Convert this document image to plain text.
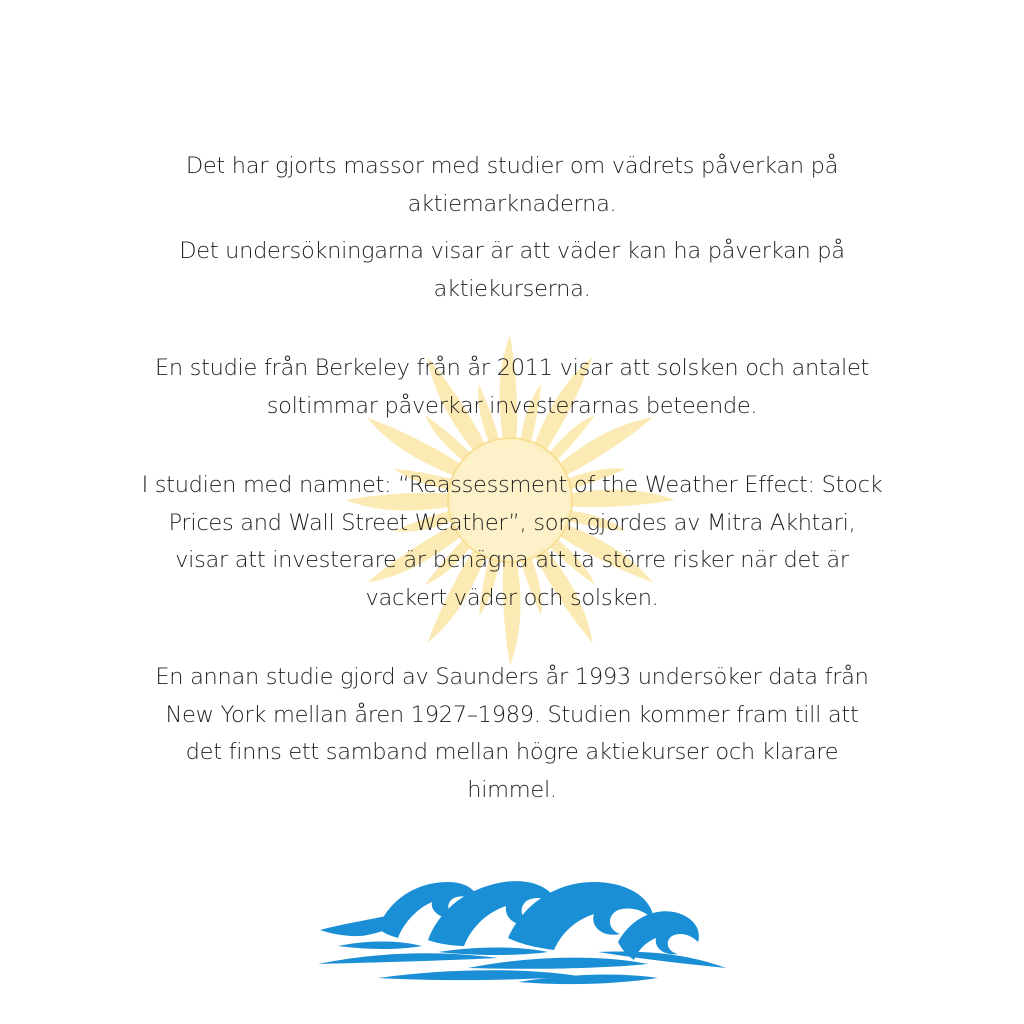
Det har gjorts massor med studier om vädrets påverkan på
aktiemarknaderna.

Det undersökningarna visar är att väder kan ha påverkan på
aktiekurserna.

En studie från Berkeley från år 2011 visar att solsken och antalet
soltimmar påverkar investerarnas beteende.

I studien med namnet: “Reassessment of the Weather Effect: Stock
Prices and Wall Street Weather”, som gjordes av Mitra Akhtari,
visar att investerare är benägna att ta större risker när det är
vackert väder och solsken.

En annan studie gjord av Saunders år 1993 undersöker data från
New York mellan åren 1927–1989. Studien kommer fram till att
det finns ett samband mellan högre aktiekurser och klarare
himmel.
